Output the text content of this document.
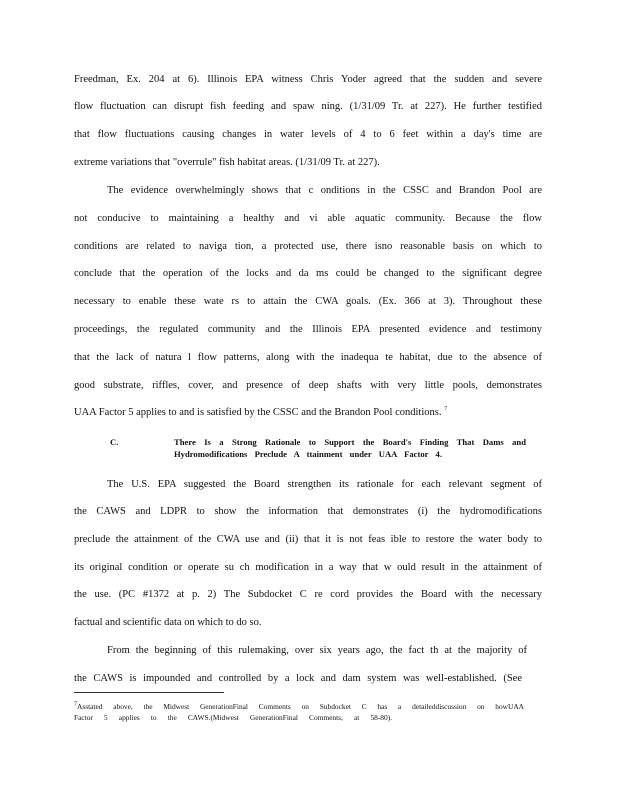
Freedman, Ex. 204 at 6). Illinois EPA witness Chris Yoder agreed that the sudden and severe
flow fluctuation can disrupt fish feeding and spaw ning. (1/31/09 Tr. at 227). He further testified
that flow fluctuations causing changes in water levels of 4 to 6 feet within a day's time are
extreme variations that "overrule" fish habitat areas. (1/31/09 Tr. at 227).
The evidence overwhelmingly shows that c onditions in the CSSC and Brandon Pool are
not conducive to maintaining a healthy and vi able aquatic community. Because the flow
conditions are related to naviga tion, a protected use, there isno reasonable basis on which to
conclude that the operation of the locks and da ms could be changed to the significant degree
necessary to enable these wate rs to attain the CWA goals. (Ex. 366 at 3). Throughout these
proceedings, the regulated community and the Illinois EPA presented evidence and testimony
that the lack of natura l flow patterns, along with the inadequa te habitat, due to the absence of
good substrate, riffles, cover, and presence of deep shafts with very little pools, demonstrates
UAA Factor 5 applies to and is satisfied by the CSSC and the Brandon Pool conditions. $^7$
C.	There Is a Strong Rationale to Support the Board's Finding That Dams and
Hydromodifications Preclude A ttainment under UAA Factor 4.
The U.S. EPA suggested the Board strengthen its rationale for each relevant segment of
the CAWS and LDPR to show the information that demonstrates (i) the hydromodifications
preclude the attainment of the CWA use and (ii) that it is not feas ible to restore the water body to
its original condition or operate su ch modification in a way that w ould result in the attainment of
the use. (PC #1372 at p. 2) The Subdocket C re cord provides the Board with the necessary
factual and scientific data on which to do so.
From the beginning of this rulemaking, over six years ago, the fact th at the majority of
the CAWS is impounded and controlled by a lock and dam system was well-established. (See
$^7$Asstated above, the Midwest GenerationFinal Comments on Subdocket C has a detaileddiscussion on howUAA
Factor 5 applies to the CAWS.(Midwest GenerationFinal Comments, at 58-80).
